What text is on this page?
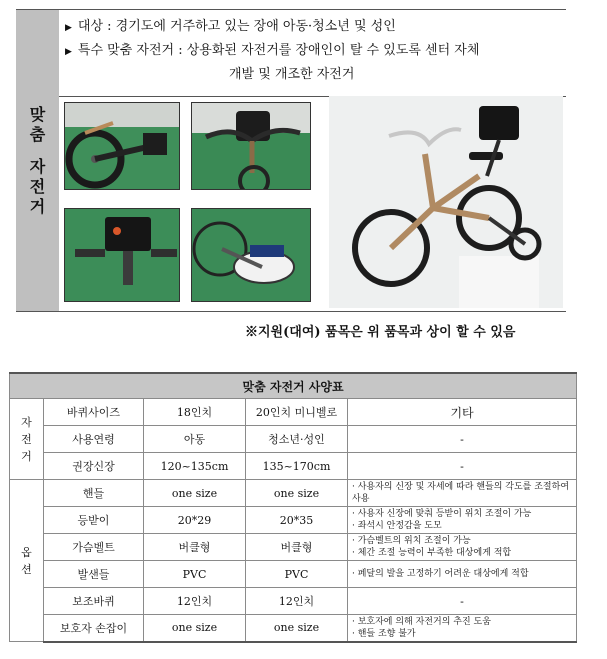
맞
춤
자
전
거
▶ 대상 : 경기도에 거주하고 있는 장애 아동·청소년 및 성인
▶ 특수 맞춤 자전거 : 상용화된 자전거를 장애인이 탈 수 있도록 센터 자체
개발 및 개조한 자전거
※지원(대여) 품목은 위 품목과 상이 할 수 있음
맞춤 자전거 사양표				
자 전 거	바퀴사이즈	18인치	20인치 미니벨로	기타
	사용연령	아동	청소년·성인	-
	권장신장	120~135cm	135~170cm	-
옵 션	핸들	one size	one size	· 사용자의 신장 및 자세에 따라 핸들의 각도를 조절하여 사용
	등받이	20*29	20*35	· 사용자 신장에 맞춰 등받이 위치 조절이 가능
· 좌석시 안정감을 도모
	가슴벨트	버클형	버클형	· 가슴벨트의 위치 조절이 가능
· 체간 조절 능력이 부족한 대상에게 적합
	발샌들	PVC	PVC	· 페달의 발을 고정하기 어려운 대상에게 적합
	보조바퀴	12인치	12인치	-
	보호자 손잡이	one size	one size	· 보호자에 의해 자전거의 추진 도움
· 핸들 조향 불가
